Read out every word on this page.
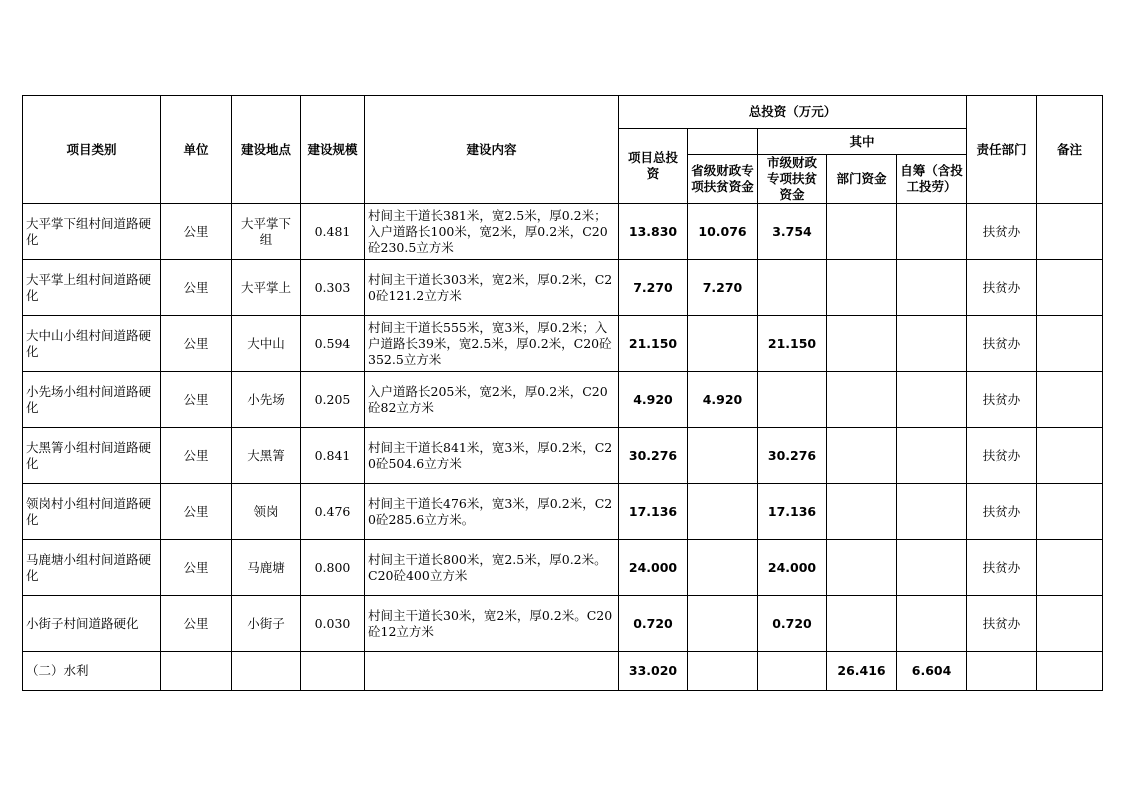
项目类别	单位	建设地点	建设规模	建设内容	总投资（万元）					责任部门	备注
					项目总投资		其中				
						省级财政专项扶贫资金	市级财政专项扶贫资金	部门资金	自筹（含投工投劳）		
大平掌下组村间道路硬化	公里	大平掌下组	0.481	村间主干道长381米，宽2.5米，厚0.2米；入户道路长100米，宽2米，厚0.2米，C20砼230.5立方米	13.830	10.076	3.754			扶贫办	
大平掌上组村间道路硬化	公里	大平掌上	0.303	村间主干道长303米，宽2米，厚0.2米，C20砼121.2立方米	7.270	7.270				扶贫办	
大中山小组村间道路硬化	公里	大中山	0.594	村间主干道长555米，宽3米，厚0.2米；入户道路长39米，宽2.5米，厚0.2米，C20砼352.5立方米	21.150		21.150			扶贫办	
小先场小组村间道路硬化	公里	小先场	0.205	入户道路长205米，宽2米，厚0.2米，C20砼82立方米	4.920	4.920				扶贫办	
大黑箐小组村间道路硬化	公里	大黑箐	0.841	村间主干道长841米，宽3米，厚0.2米，C20砼504.6立方米	30.276		30.276			扶贫办	
领岗村小组村间道路硬化	公里	领岗	0.476	村间主干道长476米，宽3米，厚0.2米，C20砼285.6立方米。	17.136		17.136			扶贫办	
马鹿塘小组村间道路硬化	公里	马鹿塘	0.800	村间主干道长800米，宽2.5米，厚0.2米。C20砼400立方米	24.000		24.000			扶贫办	
小街子村间道路硬化	公里	小街子	0.030	村间主干道长30米，宽2米，厚0.2米。C20砼12立方米	0.720		0.720			扶贫办	
（二）水利					33.020			26.416	6.604		
